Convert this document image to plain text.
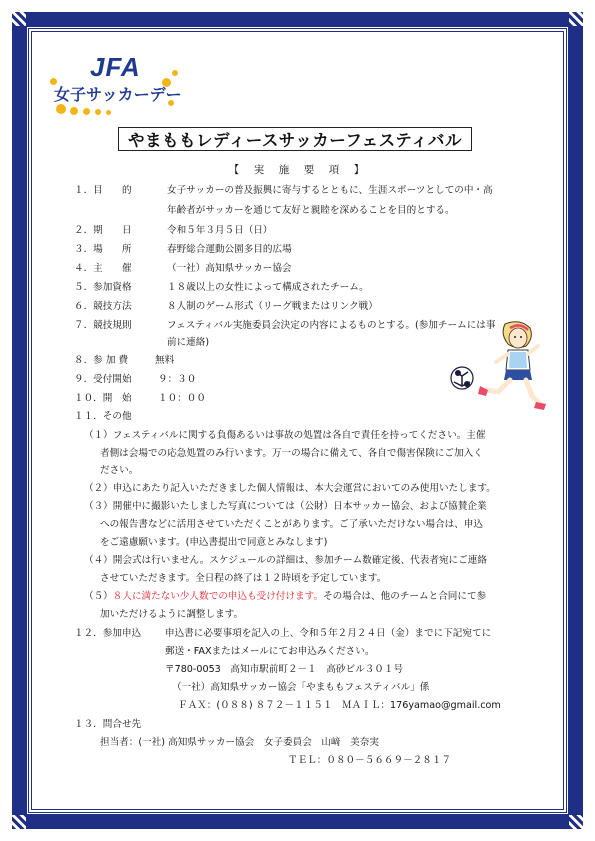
JFA
女子サッカーデー
やまももレディースサッカーフェスティバル
【　実　施　要　項　】
１．目　　的	女子サッカーの普及振興に寄与するとともに、生涯スポーツとしての中・高
年齢者がサッカーを通じて友好と親睦を深めることを目的とする。
２．期　　日	令和５年３月５日（日）
３．場　　所	春野総合運動公園多目的広場
４．主　　催	（一社）高知県サッカー協会
５．参加資格	１８歳以上の女性によって構成されたチーム。
６．競技方法	８人制のゲーム形式（リーグ戦またはリンク戦）
７．競技規則	フェスティバル実施委員会決定の内容によるものとする。(参加チームには事
前に連絡)
８．参 加 費	無料
９．受付開始	９：３０
１０．開　始	１０：００
１１．その他
（１）フェスティバルに関する負傷あるいは事故の処置は各自で責任を持ってください。主催
者側は会場での応急処置のみ行います。万一の場合に備えて、各自で傷害保険にご加入く
ださい。
（２）申込にあたり記入いただきました個人情報は、本大会運営においてのみ使用いたします。
（３）開催中に撮影いたしました写真については（公財）日本サッカー協会、および協賛企業
への報告書などに活用させていただくことがあります。ご了承いただけない場合は、申込
をご遠慮願います。(申込書提出で同意とみなします)
（４）開会式は行いません。スケジュールの詳細は、参加チーム数確定後、代表者宛にご連絡
させていただきます。全日程の終了は１２時頃を予定しています。
（５）８人に満たない少人数での申込も受け付けます。その場合は、他のチームと合同にて参
加いただけるように調整します。
１２．参加申込 申込書に必要事項を記入の上、令和５年２月２４日（金）までに下記宛てに
郵送・FAXまたはメールにてお申込みください。
〒780-0053　高知市駅前町２－１　高砂ビル３０１号
（一社）高知県サッカー協会「やまももフェスティバル」係
ＦＡＸ：(０８８) ８７２－１１５１　ＭＡＩＬ：176yamao@gmail.com
１３．問合せ先
担当者：(一社) 高知県サッカー協会　女子委員会　山﨑　美奈実
ＴＥＬ：０８０－５６６９－２８１７
